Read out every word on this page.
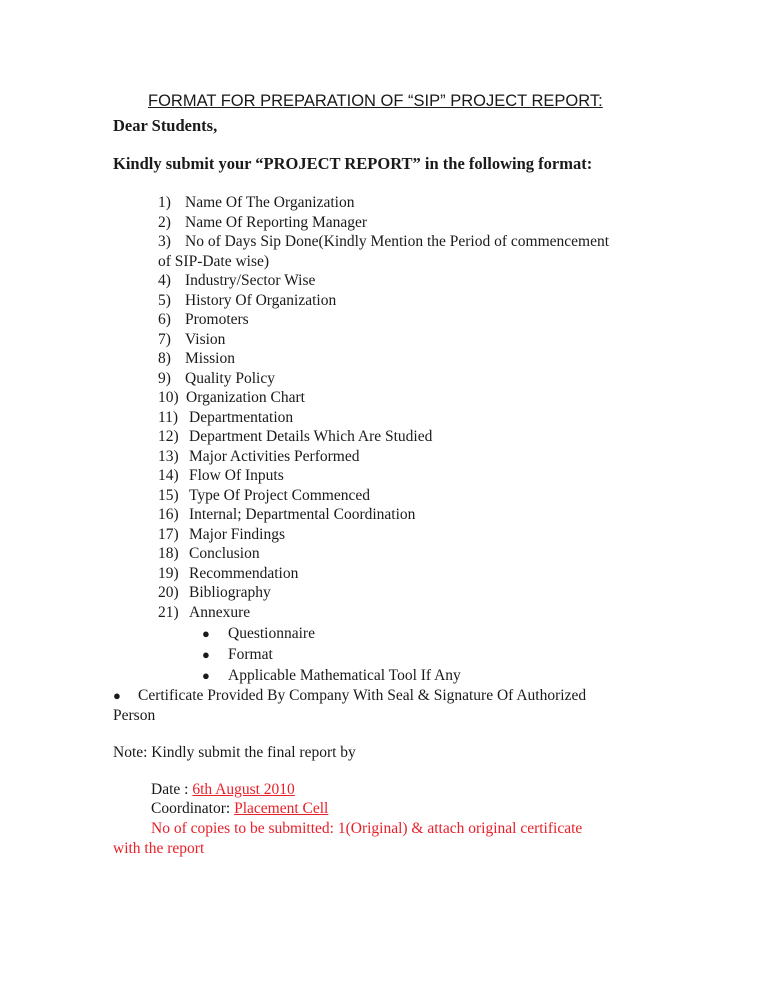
FORMAT FOR PREPARATION OF “SIP” PROJECT REPORT:
Dear Students,
Kindly submit your “PROJECT REPORT” in the following format:
1) Name Of The Organization
2) Name Of Reporting Manager
3) No of Days Sip Done(Kindly Mention the Period of commencement
of SIP-Date wise)
4) Industry/Sector Wise
5) History Of Organization
6) Promoters
7) Vision
8) Mission
9) Quality Policy
10) Organization Chart
11) Departmentation
12) Department Details Which Are Studied
13) Major Activities Performed
14) Flow Of Inputs
15) Type Of Project Commenced
16) Internal; Departmental Coordination
17) Major Findings
18) Conclusion
19) Recommendation
20) Bibliography
21) Annexure
● Questionnaire
● Format
● Applicable Mathematical Tool If Any
● Certificate Provided By Company With Seal & Signature Of Authorized
Person
Note: Kindly submit the final report by
Date : 6th August 2010
Coordinator: Placement Cell
No of copies to be submitted: 1(Original) & attach original certificate
with the report
